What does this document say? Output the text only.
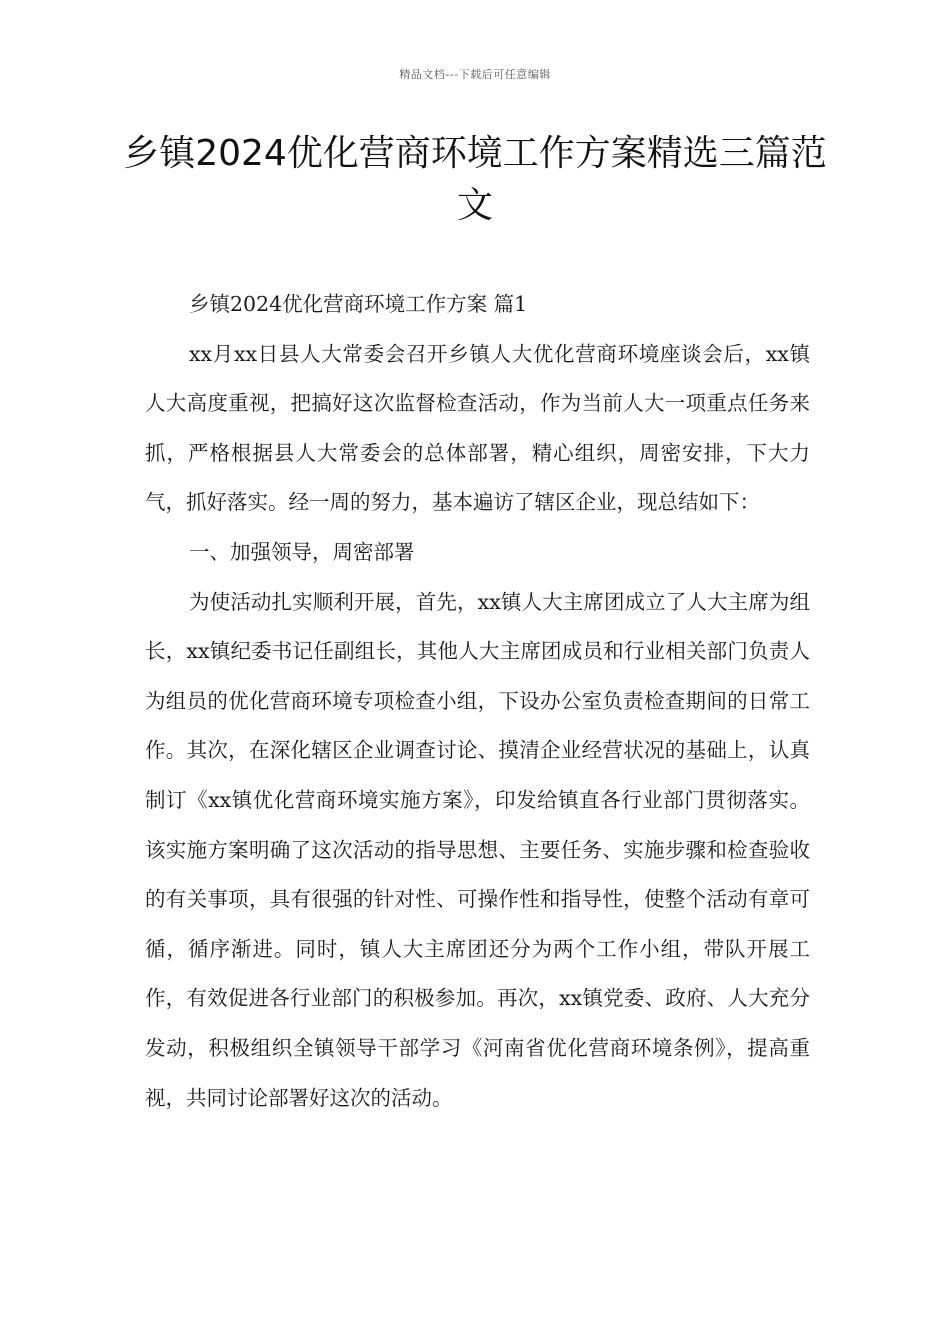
精品文档---下载后可任意编辑
乡镇2024优化营商环境工作方案精选三篇范文

乡镇2024优化营商环境工作方案 篇1

xx月xx日县人大常委会召开乡镇人大优化营商环境座谈会后，xx镇人大高度重视，把搞好这次监督检查活动，作为当前人大一项重点任务来抓，严格根据县人大常委会的总体部署，精心组织，周密安排，下大力气，抓好落实。经一周的努力，基本遍访了辖区企业，现总结如下：

一、加强领导，周密部署

为使活动扎实顺利开展，首先，xx镇人大主席团成立了人大主席为组长，xx镇纪委书记任副组长，其他人大主席团成员和行业相关部门负责人为组员的优化营商环境专项检查小组，下设办公室负责检查期间的日常工作。其次，在深化辖区企业调查讨论、摸清企业经营状况的基础上，认真制订《xx镇优化营商环境实施方案》，印发给镇直各行业部门贯彻落实。该实施方案明确了这次活动的指导思想、主要任务、实施步骤和检查验收的有关事项，具有很强的针对性、可操作性和指导性，使整个活动有章可循，循序渐进。同时，镇人大主席团还分为两个工作小组，带队开展工作，有效促进各行业部门的积极参加。再次，xx镇党委、政府、人大充分发动，积极组织全镇领导干部学习《河南省优化营商环境条例》，提高重视，共同讨论部署好这次的活动。
